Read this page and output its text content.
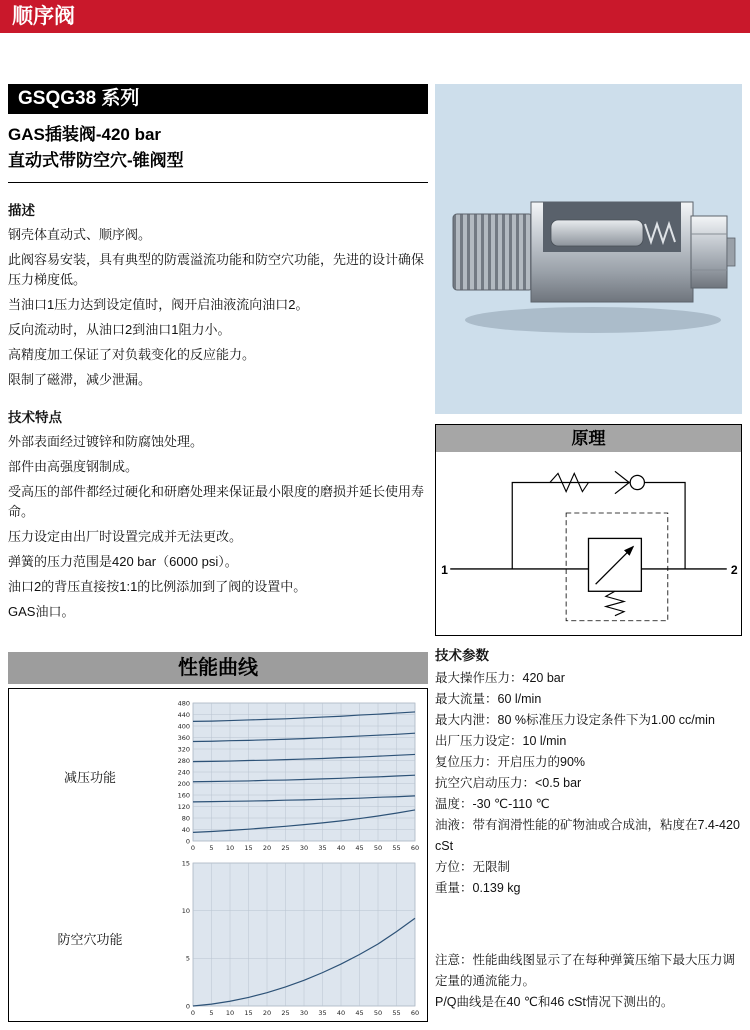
顺序阀
GSQG38 系列
GAS插装阀-420 bar
直动式带防空穴-锥阀型
描述
钢壳体直动式、顺序阀。
此阀容易安装，具有典型的防震溢流功能和防空穴功能，先进的设计确保压力梯度低。
当油口1压力达到设定值时，阀开启油液流向油口2。
反向流动时，从油口2到油口1阻力小。
高精度加工保证了对负载变化的反应能力。
限制了磁滞，减少泄漏。
技术特点
外部表面经过镀锌和防腐蚀处理。
部件由高强度钢制成。
受高压的部件都经过硬化和研磨处理来保证最小限度的磨损并延长使用寿命。
压力设定由出厂时设置完成并无法更改。
弹簧的压力范围是420 bar（6000 psi）。
油口2的背压直接按1:1的比例添加到了阀的设置中。
GAS油口。
原理
1	2
技术参数
最大操作压力：420 bar
最大流量：60 l/min
最大内泄：80 %标准压力设定条件下为1.00 cc/min
出厂压力设定：10 l/min
复位压力：开启压力的90%
抗空穴启动压力：<0.5 bar
温度：-30 ℃-110 ℃
油液：带有润滑性能的矿物油或合成油，粘度在7.4-420 cSt
方位：无限制
重量：0.139 kg
注意：性能曲线图显示了在每种弹簧压缩下最大压力调定量的通流能力。
P/Q曲线是在40 ℃和46 cSt情况下测出的。
性能曲线
减压功能
0 5 10 15 20 25 30 35 40 45 50 55 60
0
40
80
120
160
200
240
280
320
360
400
440
480
防空穴功能
0 5 10 15 20 25 30 35 40 45 50 55 60
0
5
10
15
